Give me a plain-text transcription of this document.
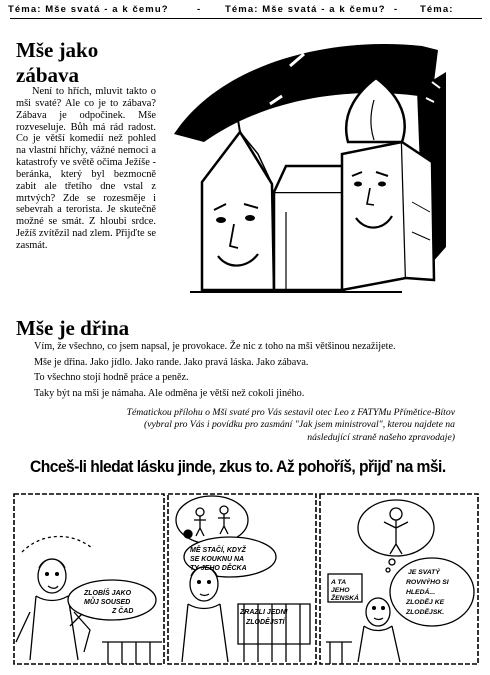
Téma: Mše svatá - a k čemu?	- Téma: Mše svatá - a k čemu? - Téma:
Mše jako zábava
Není to hřích, mluvit takto o mši svaté? Ale co je to zábava? Zábava je odpočinek. Mše rozveseluje. Bůh má rád radost. Co je větší komedií než pohled na vlastní hříchy, vážné nemoci a katastrofy ve světě očima Ježíše - beránka, který byl bezmocně zabit ale třetího dne vstal z mrtvých? Zde se rozesměje i sebevrah a terorista. Je skutečně možné se smát. Z hloubi srdce. Ježíš zvítězil nad zlem. Přijďte se zasmát.
Mše je dřina
Vím, že všechno, co jsem napsal, je provokace. Že nic z toho na mši většinou nezažijete.
Mše je dřina. Jako jídlo. Jako rande. Jako pravá láska. Jako zábava.
To všechno stojí hodně práce a peněz.
Taky být na mši je námaha. Ale odměna je větší než cokoli jiného.
Tématickou přílohu o Mši svaté pro Vás sestavil otec Leo z FATYMu Přímětice-Bítov (vybral pro Vás i povídku pro zasmání "Jak jsem ministroval", kterou najdete na následující straně našeho zpravodaje)
Chceš-li hledat lásku jinde, zkus to. Až pohoříš, přijď na mši.
ZLOBÍŠ JAKO MŮJ SOUSED Z ČAD
MĚ STAČÍ, KDYŽ SE KOUKNU NA TY JEHO DĚCKA ZRAZLI JEDNI ZLODĚJSTÍ
A TA JEHO ŽENSKÁ JE SVATÝ ROVNÝHO SI HLEDÁ... ZLODĚJ KE ZLODĚJSK.
